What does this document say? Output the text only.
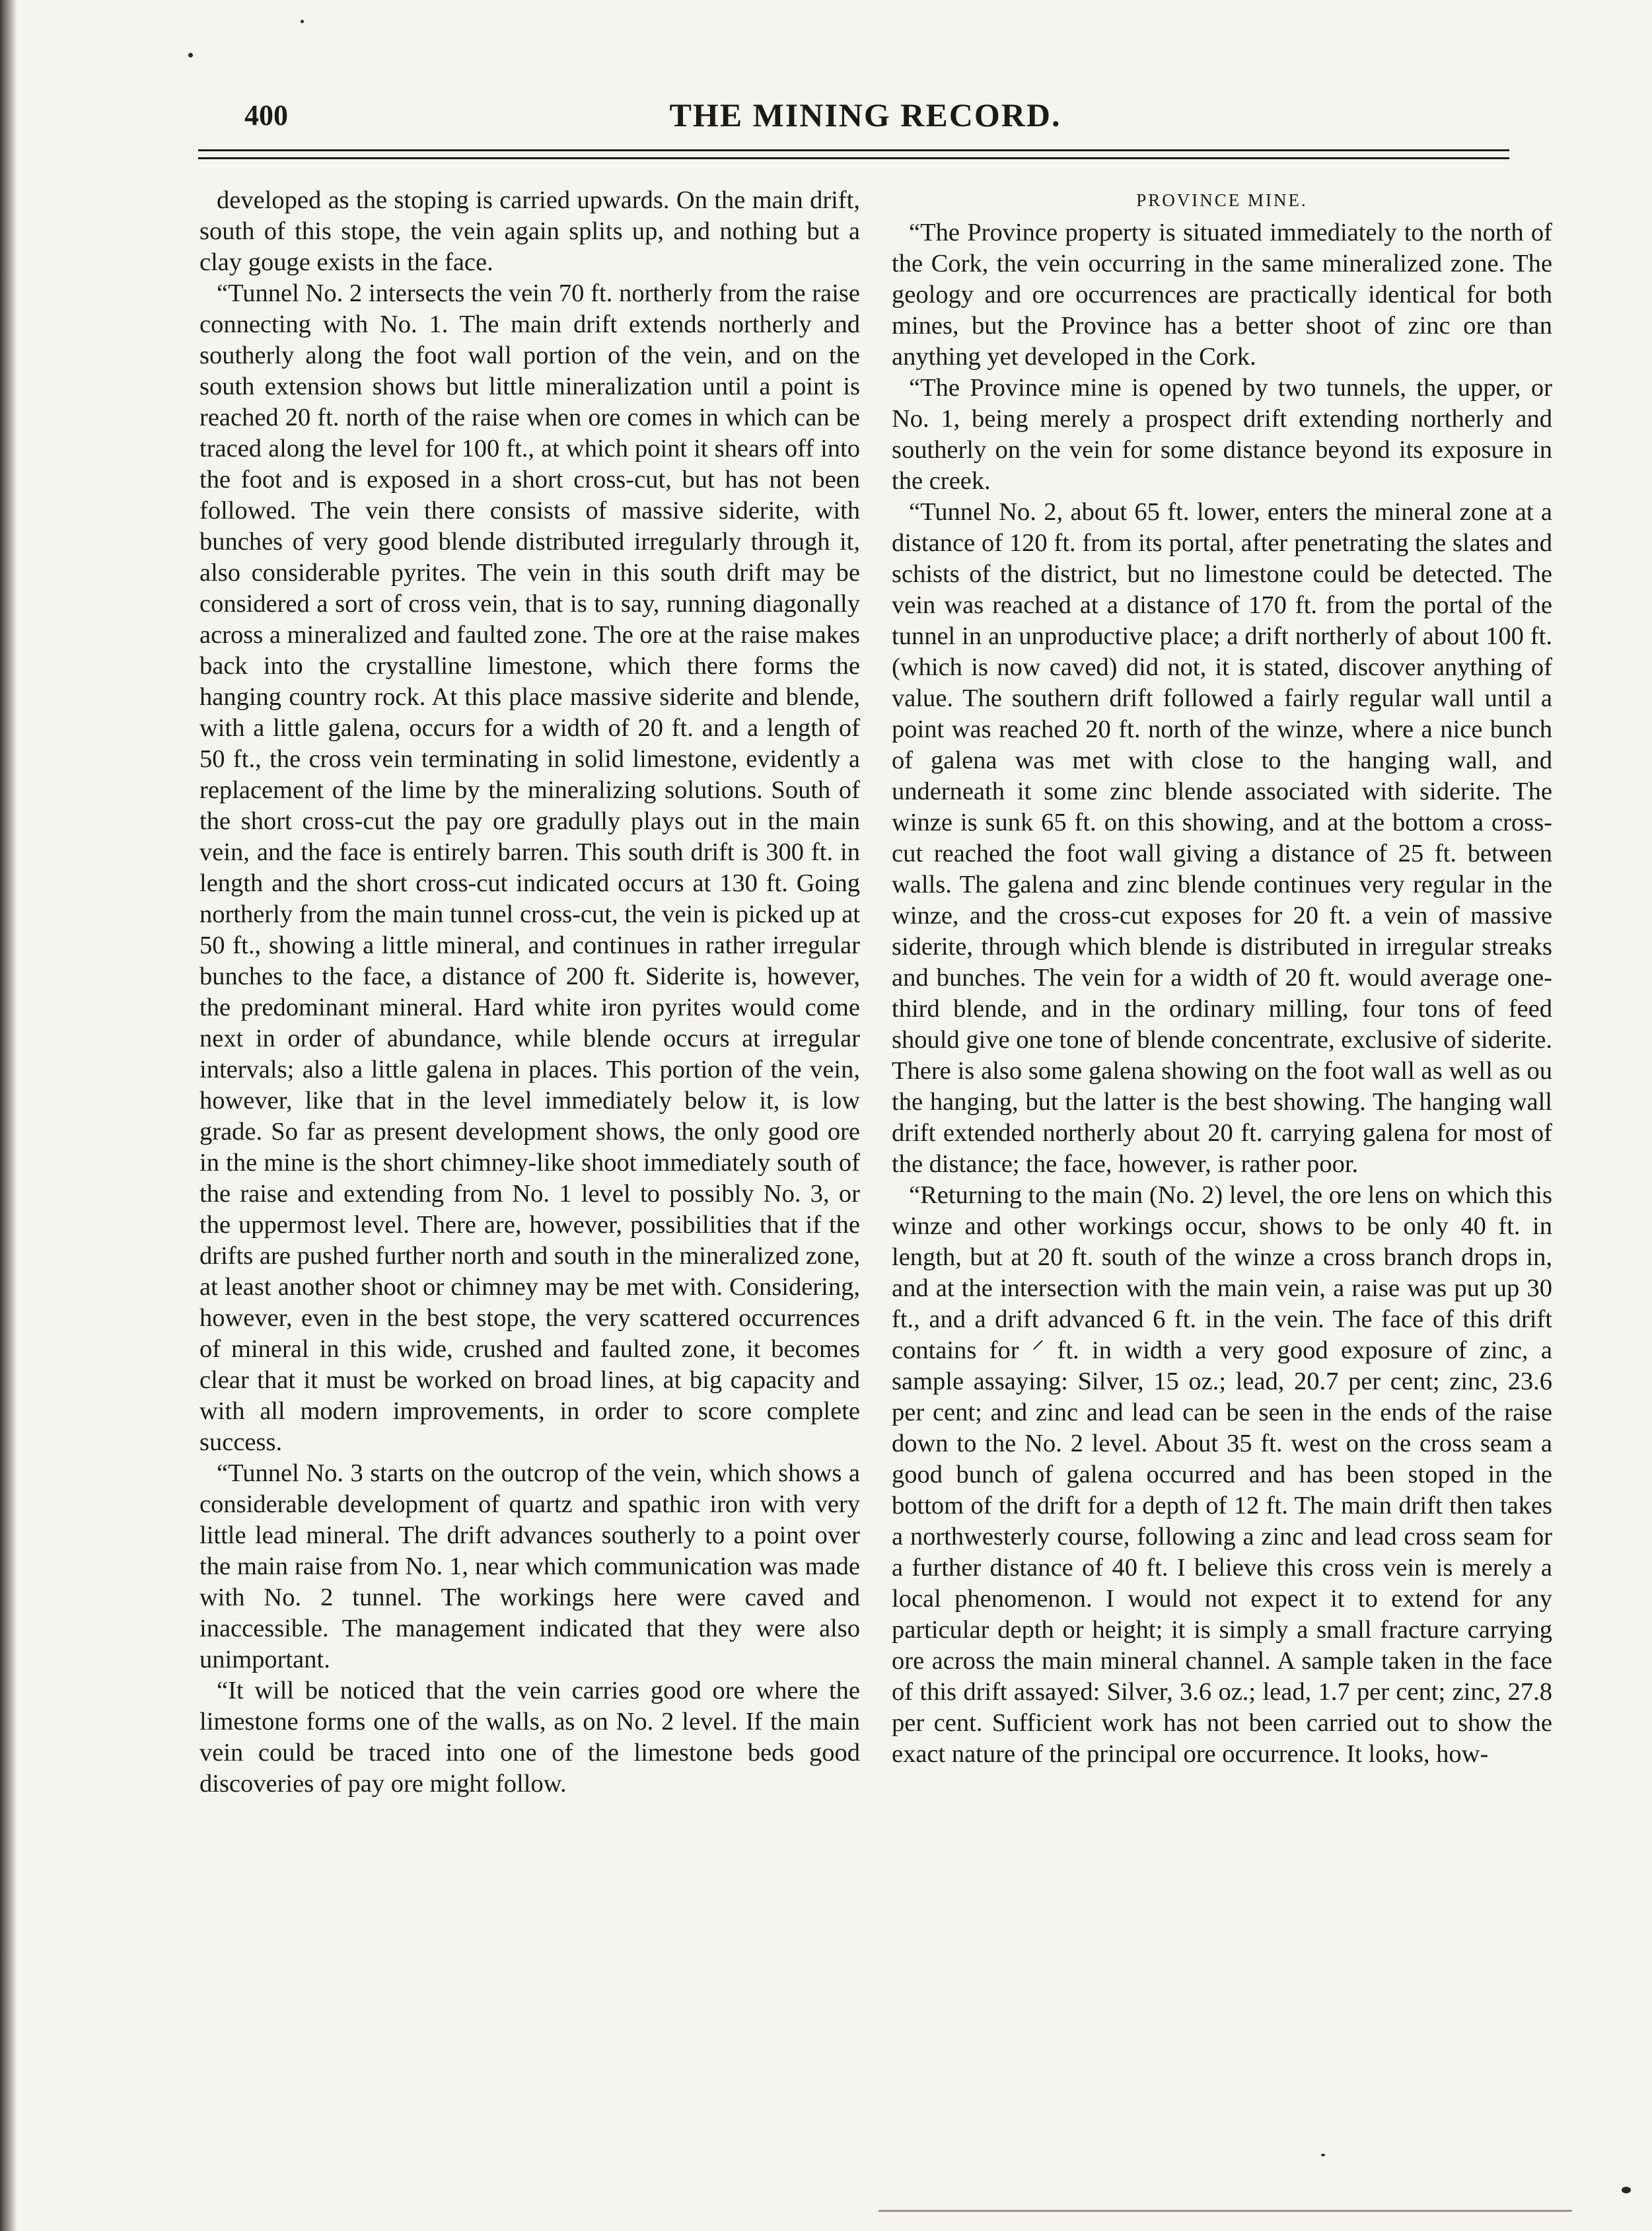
400	THE MINING RECORD.

developed as the stoping is carried upwards. On the main drift, south of this stope, the vein again splits up, and nothing but a clay gouge exists in the face.

“Tunnel No. 2 intersects the vein 70 ft. northerly from the raise connecting with No. 1. The main drift extends northerly and southerly along the foot wall portion of the vein, and on the south extension shows but little mineralization until a point is reached 20 ft. north of the raise when ore comes in which can be traced along the level for 100 ft., at which point it shears off into the foot and is exposed in a short cross-cut, but has not been followed. The vein there consists of massive siderite, with bunches of very good blende distributed irregularly through it, also considerable pyrites. The vein in this south drift may be considered a sort of cross vein, that is to say, running diagonally across a mineralized and faulted zone. The ore at the raise makes back into the crystalline limestone, which there forms the hanging country rock. At this place massive siderite and blende, with a little galena, occurs for a width of 20 ft. and a length of 50 ft., the cross vein terminating in solid limestone, evidently a replacement of the lime by the mineralizing solutions. South of the short cross-cut the pay ore gradully plays out in the main vein, and the face is entirely barren. This south drift is 300 ft. in length and the short cross-cut indicated occurs at 130 ft. Going northerly from the main tunnel cross-cut, the vein is picked up at 50 ft., showing a little mineral, and continues in rather irregular bunches to the face, a distance of 200 ft. Siderite is, however, the predominant mineral. Hard white iron pyrites would come next in order of abundance, while blende occurs at irregular intervals; also a little galena in places. This portion of the vein, however, like that in the level immediately below it, is low grade. So far as present development shows, the only good ore in the mine is the short chimney-like shoot immediately south of the raise and extending from No. 1 level to possibly No. 3, or the uppermost level. There are, however, possibilities that if the drifts are pushed further north and south in the mineralized zone, at least another shoot or chimney may be met with. Considering, however, even in the best stope, the very scattered occurrences of mineral in this wide, crushed and faulted zone, it becomes clear that it must be worked on broad lines, at big capacity and with all modern improvements, in order to score complete success.

“Tunnel No. 3 starts on the outcrop of the vein, which shows a considerable development of quartz and spathic iron with very little lead mineral. The drift advances southerly to a point over the main raise from No. 1, near which communication was made with No. 2 tunnel. The workings here were caved and inaccessible. The management indicated that they were also unimportant.

“It will be noticed that the vein carries good ore where the limestone forms one of the walls, as on No. 2 level. If the main vein could be traced into one of the limestone beds good discoveries of pay ore might follow.

PROVINCE MINE.

“The Province property is situated immediately to the north of the Cork, the vein occurring in the same mineralized zone. The geology and ore occurrences are practically identical for both mines, but the Province has a better shoot of zinc ore than anything yet developed in the Cork.

“The Province mine is opened by two tunnels, the upper, or No. 1, being merely a prospect drift extending northerly and southerly on the vein for some distance beyond its exposure in the creek.

“Tunnel No. 2, about 65 ft. lower, enters the mineral zone at a distance of 120 ft. from its portal, after penetrating the slates and schists of the district, but no limestone could be detected. The vein was reached at a distance of 170 ft. from the portal of the tunnel in an unproductive place; a drift northerly of about 100 ft. (which is now caved) did not, it is stated, discover anything of value. The southern drift followed a fairly regular wall until a point was reached 20 ft. north of the winze, where a nice bunch of galena was met with close to the hanging wall, and underneath it some zinc blende associated with siderite. The winze is sunk 65 ft. on this showing, and at the bottom a cross-cut reached the foot wall giving a distance of 25 ft. between walls. The galena and zinc blende continues very regular in the winze, and the cross-cut exposes for 20 ft. a vein of massive siderite, through which blende is distributed in irregular streaks and bunches. The vein for a width of 20 ft. would average one-third blende, and in the ordinary milling, four tons of feed should give one tone of blende concentrate, exclusive of siderite. There is also some galena showing on the foot wall as well as ou the hanging, but the latter is the best showing. The hanging wall drift extended northerly about 20 ft. carrying galena for most of the distance; the face, however, is rather poor.

“Returning to the main (No. 2) level, the ore lens on which this winze and other workings occur, shows to be only 40 ft. in length, but at 20 ft. south of the winze a cross branch drops in, and at the intersection with the main vein, a raise was put up 30 ft., and a drift advanced 6 ft. in the vein. The face of this drift contains for ⸍ ft. in width a very good exposure of zinc, a sample assaying: Silver, 15 oz.; lead, 20.7 per cent; zinc, 23.6 per cent; and zinc and lead can be seen in the ends of the raise down to the No. 2 level. About 35 ft. west on the cross seam a good bunch of galena occurred and has been stoped in the bottom of the drift for a depth of 12 ft. The main drift then takes a northwesterly course, following a zinc and lead cross seam for a further distance of 40 ft. I believe this cross vein is merely a local phenomenon. I would not expect it to extend for any particular depth or height; it is simply a small fracture carrying ore across the main mineral channel. A sample taken in the face of this drift assayed: Silver, 3.6 oz.; lead, 1.7 per cent; zinc, 27.8 per cent. Sufficient work has not been carried out to show the exact nature of the principal ore occurrence. It looks, how-
